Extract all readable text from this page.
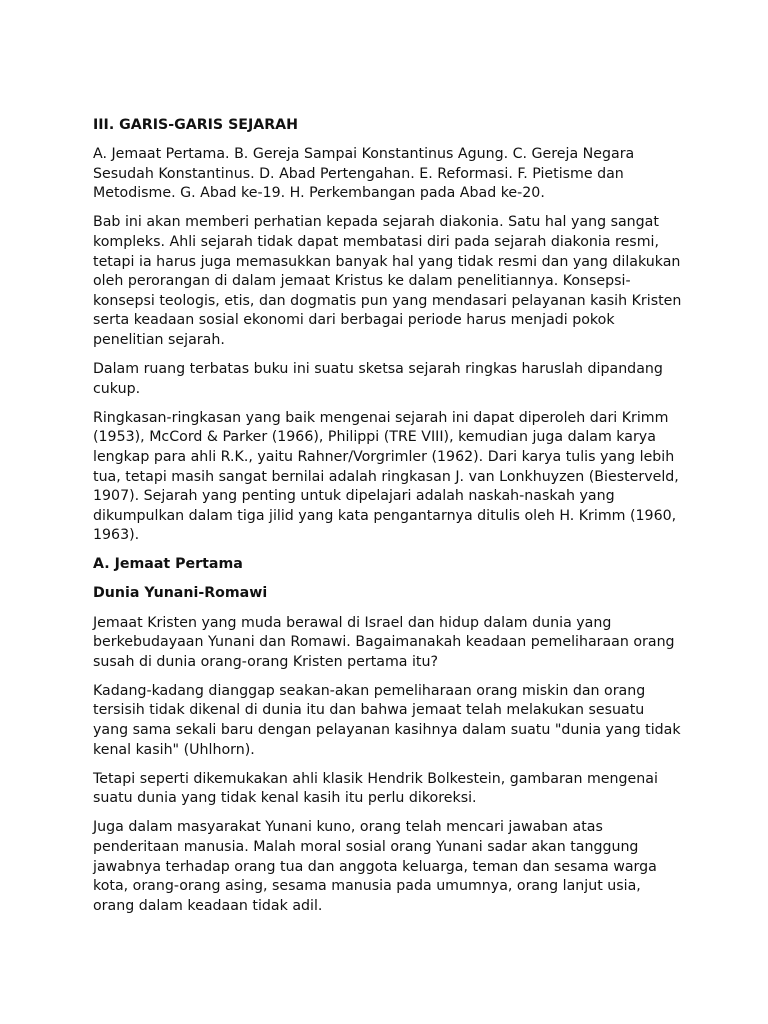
III. GARIS-GARIS SEJARAH
A. Jemaat Pertama. B. Gereja Sampai Konstantinus Agung. C. Gereja Negara Sesudah Konstantinus. D. Abad Pertengahan. E. Reformasi. F. Pietisme dan Metodisme. G. Abad ke-19. H. Perkembangan pada Abad ke-20.
Bab ini akan memberi perhatian kepada sejarah diakonia. Satu hal yang sangat kompleks. Ahli sejarah tidak dapat membatasi diri pada sejarah diakonia resmi, tetapi ia harus juga memasukkan banyak hal yang tidak resmi dan yang dilakukan oleh perorangan di dalam jemaat Kristus ke dalam penelitiannya. Konsepsi-konsepsi teologis, etis, dan dogmatis pun yang mendasari pelayanan kasih Kristen serta keadaan sosial ekonomi dari berbagai periode harus menjadi pokok penelitian sejarah.
Dalam ruang terbatas buku ini suatu sketsa sejarah ringkas haruslah dipandang cukup.
Ringkasan-ringkasan yang baik mengenai sejarah ini dapat diperoleh dari Krimm (1953), McCord & Parker (1966), Philippi (TRE VIII), kemudian juga dalam karya lengkap para ahli R.K., yaitu Rahner/Vorgrimler (1962). Dari karya tulis yang lebih tua, tetapi masih sangat bernilai adalah ringkasan J. van Lonkhuyzen (Biesterveld, 1907). Sejarah yang penting untuk dipelajari adalah naskah-naskah yang dikumpulkan dalam tiga jilid yang kata pengantarnya ditulis oleh H. Krimm (1960, 1963).
A. Jemaat Pertama
Dunia Yunani-Romawi
Jemaat Kristen yang muda berawal di Israel dan hidup dalam dunia yang berkebudayaan Yunani dan Romawi. Bagaimanakah keadaan pemeliharaan orang susah di dunia orang-orang Kristen pertama itu?
Kadang-kadang dianggap seakan-akan pemeliharaan orang miskin dan orang tersisih tidak dikenal di dunia itu dan bahwa jemaat telah melakukan sesuatu yang sama sekali baru dengan pelayanan kasihnya dalam suatu "dunia yang tidak kenal kasih" (Uhlhorn).
Tetapi seperti dikemukakan ahli klasik Hendrik Bolkestein, gambaran mengenai suatu dunia yang tidak kenal kasih itu perlu dikoreksi.
Juga dalam masyarakat Yunani kuno, orang telah mencari jawaban atas penderitaan manusia. Malah moral sosial orang Yunani sadar akan tanggung jawabnya terhadap orang tua dan anggota keluarga, teman dan sesama warga kota, orang-orang asing, sesama manusia pada umumnya, orang lanjut usia, orang dalam keadaan tidak adil.
